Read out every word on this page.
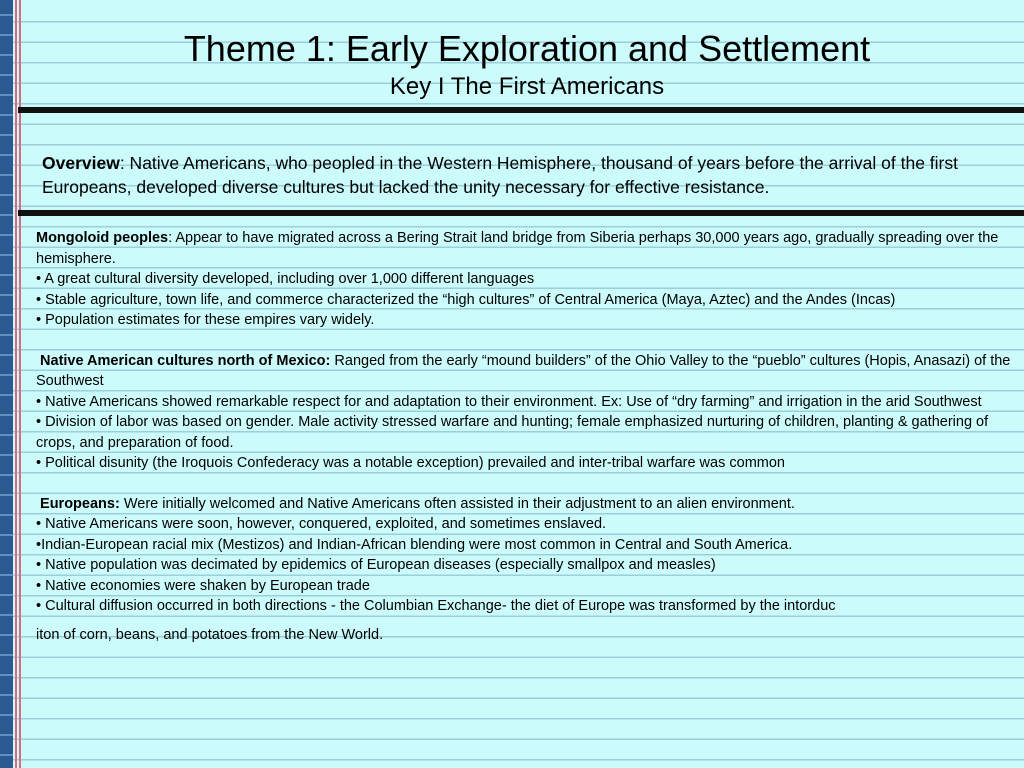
Theme 1: Early Exploration and Settlement
Key I The First Americans
Overview: Native Americans, who peopled in the Western Hemisphere, thousand of years before the arrival of the first Europeans, developed diverse cultures but lacked the unity necessary for effective resistance.

Mongoloid peoples: Appear to have migrated across a Bering Strait land bridge from Siberia perhaps 30,000 years ago, gradually spreading over the hemisphere.

• A great cultural diversity developed, including over 1,000 different languages

• Stable agriculture, town life, and commerce characterized the “high cultures” of Central America (Maya, Aztec) and the Andes (Incas)

• Population estimates for these empires vary widely.

Native American cultures north of Mexico: Ranged from the early “mound builders” of the Ohio Valley to the “pueblo” cultures (Hopis, Anasazi) of the Southwest

• Native Americans showed remarkable respect for and adaptation to their environment. Ex: Use of “dry farming” and irrigation in the arid Southwest

• Division of labor was based on gender. Male activity stressed warfare and hunting; female emphasized nurturing of children, planting & gathering of crops, and preparation of food.

• Political disunity (the Iroquois Confederacy was a notable exception) prevailed and inter-tribal warfare was common

Europeans: Were initially welcomed and Native Americans often assisted in their adjustment to an alien environment.

• Native Americans were soon, however, conquered, exploited, and sometimes enslaved.

•Indian-European racial mix (Mestizos) and Indian-African blending were most common in Central and South America.

• Native population was decimated by epidemics of European diseases (especially smallpox and measles)

• Native economies were shaken by European trade

• Cultural diffusion occurred in both directions - the Columbian Exchange- the diet of Europe was transformed by the intorduc

iton of corn, beans, and potatoes from the New World.
